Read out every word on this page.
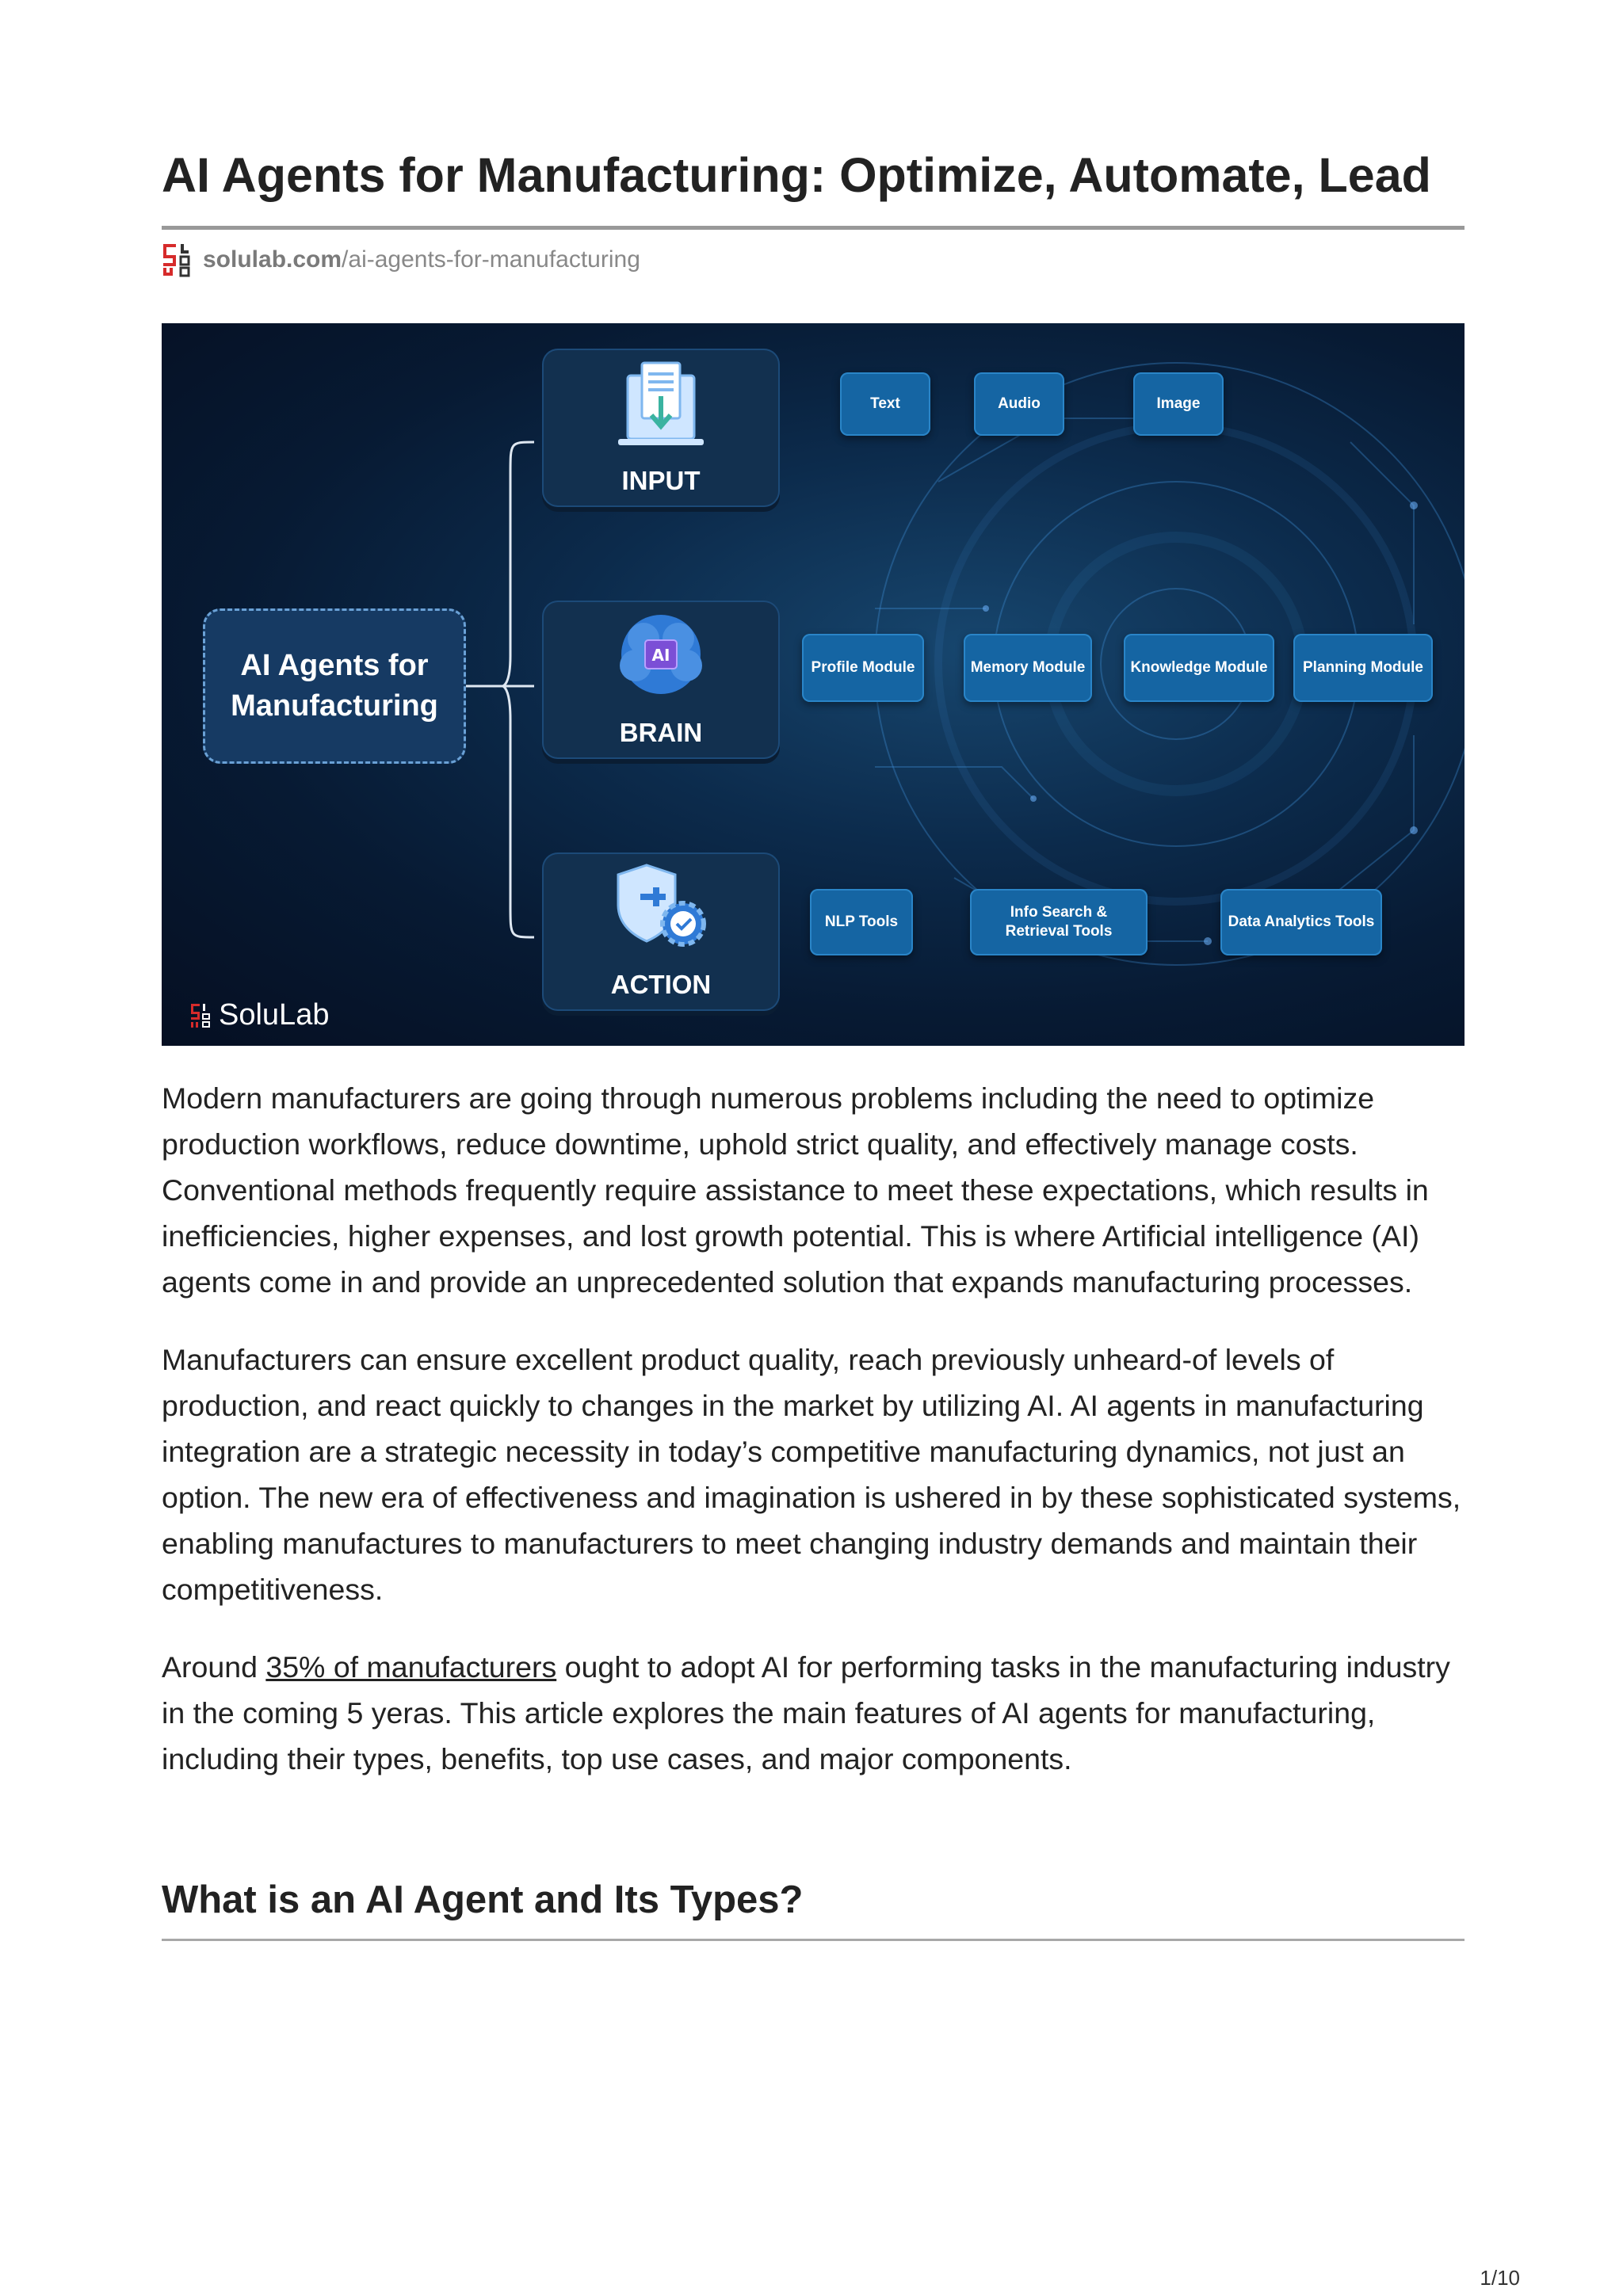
AI Agents for Manufacturing: Optimize, Automate, Lead
solulab.com/ai-agents-for-manufacturing
AI Agents for Manufacturing
INPUT
AI
BRAIN
ACTION
Text	Audio	Image
Profile Module	Memory Module	Knowledge Module	Planning Module
NLP Tools
Info Search & Retrieval Tools
Data Analytics Tools
SoluLab

Modern manufacturers are going through numerous problems including the need to optimize production workflows, reduce downtime, uphold strict quality, and effectively manage costs. Conventional methods frequently require assistance to meet these expectations, which results in inefficiencies, higher expenses, and lost growth potential. This is where Artificial intelligence (AI) agents come in and provide an unprecedented solution that expands manufacturing processes.

Manufacturers can ensure excellent product quality, reach previously unheard-of levels of production, and react quickly to changes in the market by utilizing AI. AI agents in manufacturing integration are a strategic necessity in today’s competitive manufacturing dynamics, not just an option. The new era of effectiveness and imagination is ushered in by these sophisticated systems, enabling manufactures to manufacturers to meet changing industry demands and maintain their competitiveness.

Around 35% of manufacturers ought to adopt AI for performing tasks in the manufacturing industry in the coming 5 yeras. This article explores the main features of AI agents for manufacturing, including their types, benefits, top use cases, and major components.

What is an AI Agent and Its Types?
1/10
